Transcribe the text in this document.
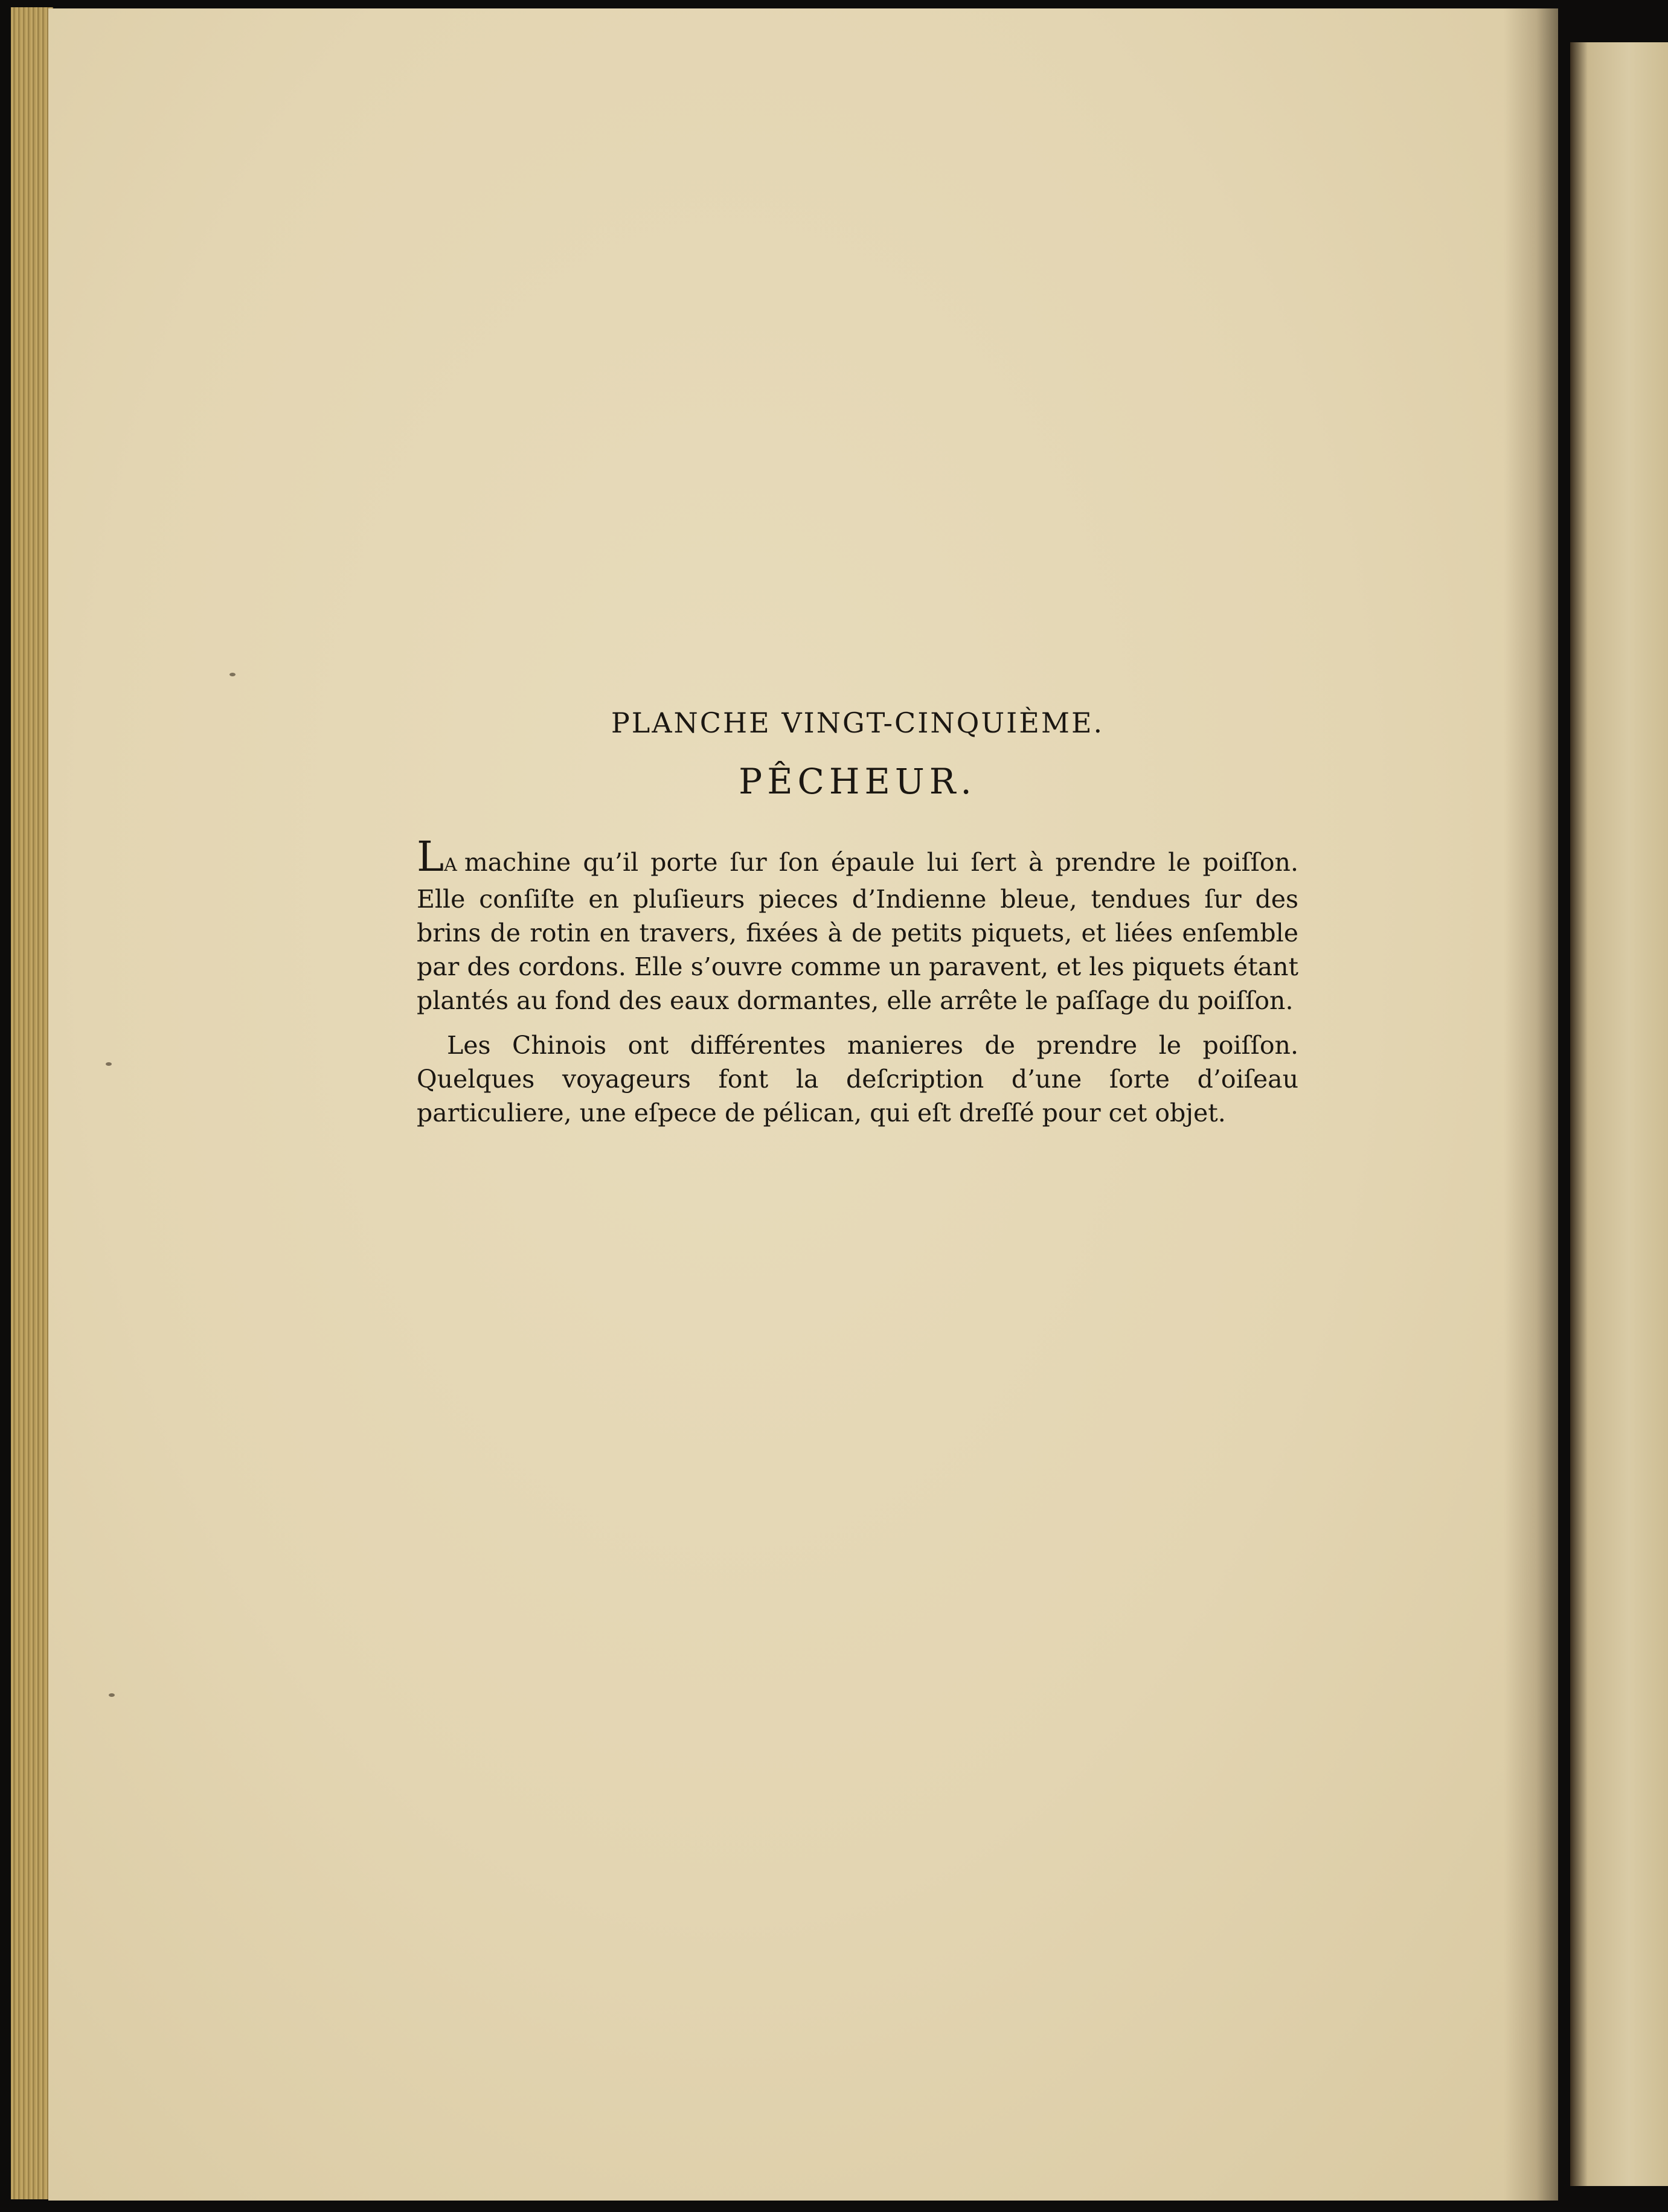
PLANCHE VINGT-CINQUIÈME.
PÊCHEUR.

LA machine qu’il porte ſur ſon épaule lui ſert à prendre le poiſſon. Elle conſiſte en pluſieurs pieces d’Indienne bleue, tendues ſur des brins de rotin en travers, fixées à de petits piquets, et liées enſemble par des cordons. Elle s’ouvre comme un paravent, et les piquets étant plantés au fond des eaux dormantes, elle arrête le paſſage du poiſſon.

Les Chinois ont différentes manieres de prendre le poiſſon. Quelques voyageurs font la deſcription d’une ſorte d’oiſeau particuliere, une eſpece de pélican, qui eſt dreſſé pour cet objet.
